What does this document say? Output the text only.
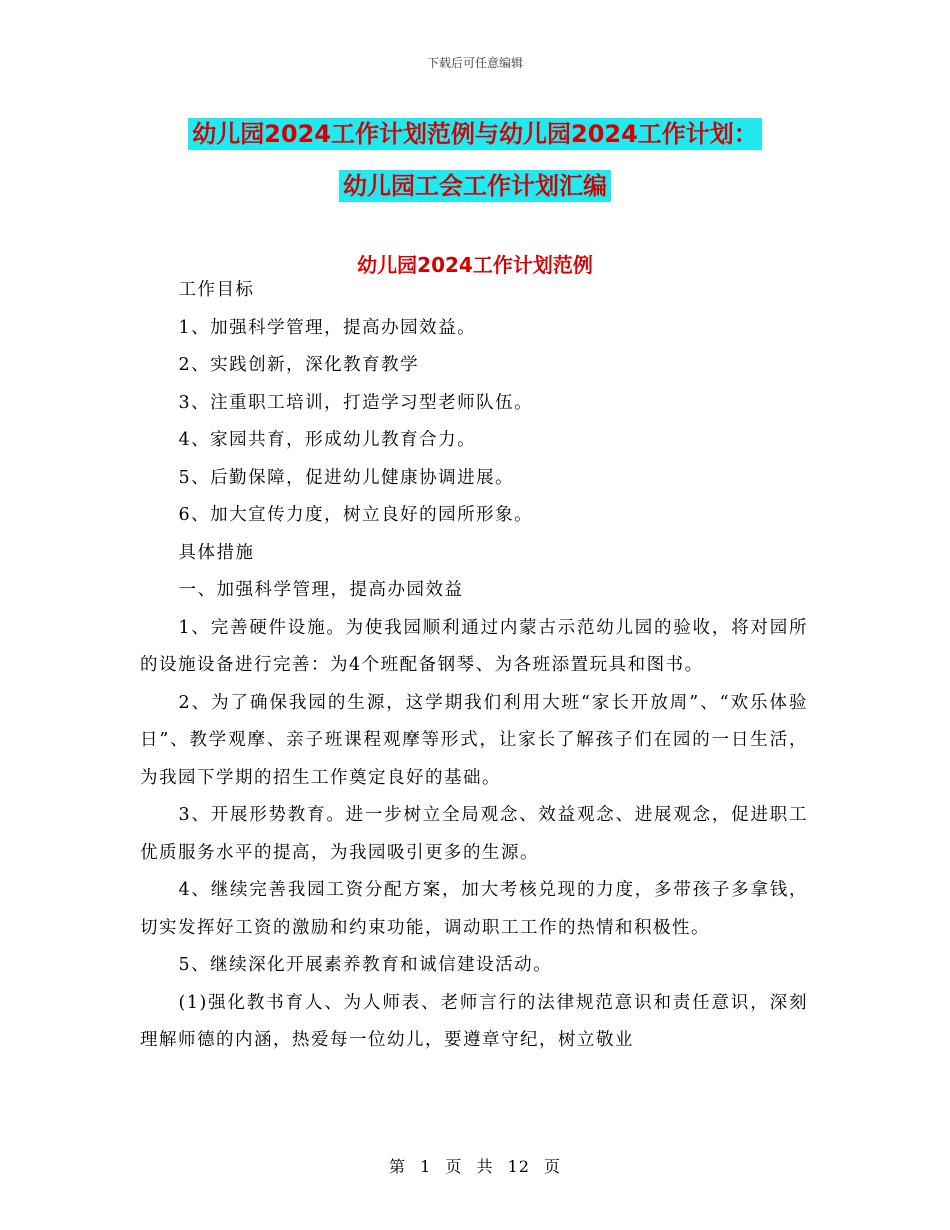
下载后可任意编辑
幼儿园2024工作计划范例与幼儿园2024工作计划：
幼儿园工会工作计划汇编
幼儿园2024工作计划范例

工作目标

1、加强科学管理，提高办园效益。

2、实践创新，深化教育教学

3、注重职工培训，打造学习型老师队伍。

4、家园共育，形成幼儿教育合力。

5、后勤保障，促进幼儿健康协调进展。

6、加大宣传力度，树立良好的园所形象。

具体措施

一、加强科学管理，提高办园效益

1、完善硬件设施。为使我园顺利通过内蒙古示范幼儿园的验收，将对园所的设施设备进行完善：为4个班配备钢琴、为各班添置玩具和图书。

2、为了确保我园的生源，这学期我们利用大班“家长开放周”、“欢乐体验日”、教学观摩、亲子班课程观摩等形式，让家长了解孩子们在园的一日生活，为我园下学期的招生工作奠定良好的基础。

3、开展形势教育。进一步树立全局观念、效益观念、进展观念，促进职工优质服务水平的提高，为我园吸引更多的生源。

4、继续完善我园工资分配方案，加大考核兑现的力度，多带孩子多拿钱，切实发挥好工资的激励和约束功能，调动职工工作的热情和积极性。

5、继续深化开展素养教育和诚信建设活动。

(1)强化教书育人、为人师表、老师言行的法律规范意识和责任意识，深刻理解师德的内涵，热爱每一位幼儿，要遵章守纪，树立敬业

第 1 页 共 12 页
